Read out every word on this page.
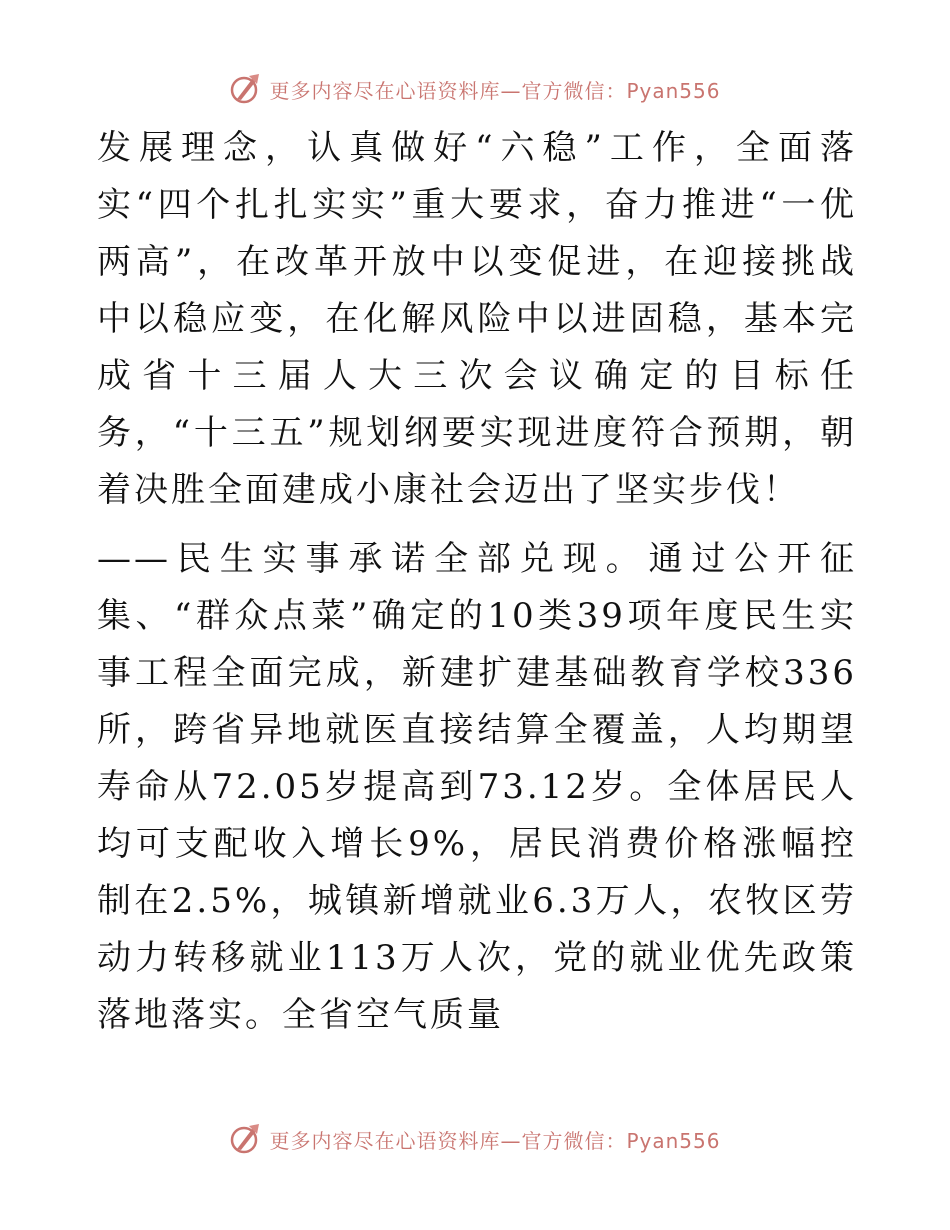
更多内容尽在心语资料库—官方微信：Pyan556

发展理念，认真做好“六稳”工作，全面落实“四个扎扎实实”重大要求，奋力推进“一优两高”，在改革开放中以变促进，在迎接挑战中以稳应变，在化解风险中以进固稳，基本完成省十三届人大三次会议确定的目标任务，“十三五”规划纲要实现进度符合预期，朝着决胜全面建成小康社会迈出了坚实步伐！

——民生实事承诺全部兑现。通过公开征集、“群众点菜”确定的10类39项年度民生实事工程全面完成，新建扩建基础教育学校336所，跨省异地就医直接结算全覆盖，人均期望寿命从72.05岁提高到73.12岁。全体居民人均可支配收入增长9%，居民消费价格涨幅控制在2.5%，城镇新增就业6.3万人，农牧区劳动力转移就业113万人次，党的就业优先政策落地落实。全省空气质量

更多内容尽在心语资料库—官方微信：Pyan556
